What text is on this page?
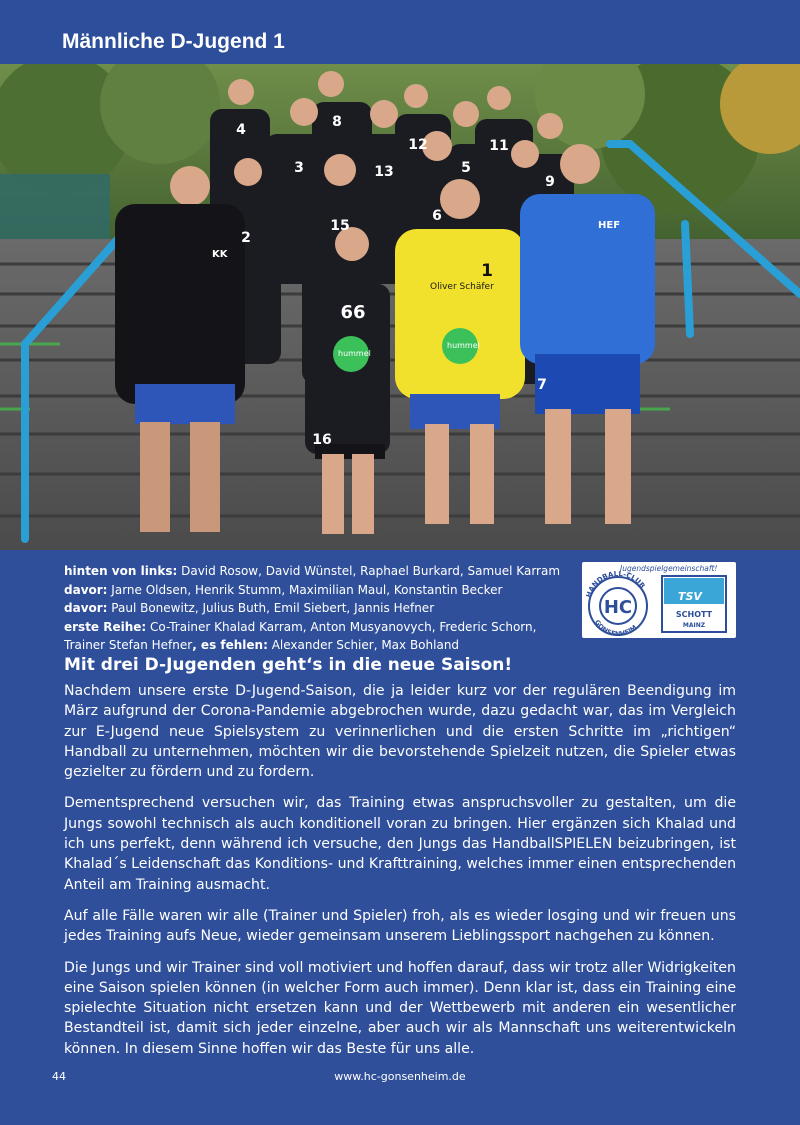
Männliche D-Jugend 1
4	8
12	11
3	13	5
9
2
15
6
66
1
16
7
KK
HEF
hummel
hummel
Oliver Schäfer
hinten von links: David Rosow, David Wünstel, Raphael Burkard, Samuel Karram
davor: Jarne Oldsen, Henrik Stumm, Maximilian Maul, Konstantin Becker
davor: Paul Bonewitz, Julius Buth, Emil Siebert, Jannis Hefner
erste Reihe: Co-Trainer Khalad Karram, Anton Musyanovych, Frederic Schorn,
Trainer Stefan Hefner, es fehlen: Alexander Schier, Max Bohland
Jugendspielgemeinschaft!
HANDBALL-CLUB
GONSENHEIM
HC
TSV
SCHOTT
MAINZ
Mit drei D-Jugenden geht‘s in die neue Saison!

Nachdem unsere erste D-Jugend-Saison, die ja leider kurz vor der regulären Beendigung im März aufgrund der Corona-Pandemie abgebrochen wurde, dazu gedacht war, das im Vergleich zur E-Jugend neue Spielsystem zu verinnerlichen und die ersten Schritte im „richtigen“ Handball zu unternehmen, möchten wir die bevorstehende Spielzeit nutzen, die Spieler etwas gezielter zu fördern und zu fordern.

Dementsprechend versuchen wir, das Training etwas anspruchsvoller zu gestalten, um die Jungs sowohl technisch als auch konditionell voran zu bringen. Hier ergänzen sich Khalad und ich uns perfekt, denn während ich versuche, den Jungs das HandballSPIELEN beizubringen, ist Khalad´s Leidenschaft das Konditions- und Krafttraining, welches immer einen entsprechenden Anteil am Training ausmacht.

Auf alle Fälle waren wir alle (Trainer und Spieler) froh, als es wieder losging und wir freuen uns jedes Training aufs Neue, wieder gemeinsam unserem Lieblingssport nachgehen zu können.

Die Jungs und wir Trainer sind voll motiviert und hoffen darauf, dass wir trotz aller Widrigkeiten eine Saison spielen können (in welcher Form auch immer). Denn klar ist, dass ein Training eine spielechte Situation nicht ersetzen kann und der Wettbewerb mit anderen ein wesentlicher Bestandteil ist, damit sich jeder einzelne, aber auch wir als Mannschaft uns weiterentwickeln können. In diesem Sinne hoffen wir das Beste für uns alle.

44	www.hc-gonsenheim.de
